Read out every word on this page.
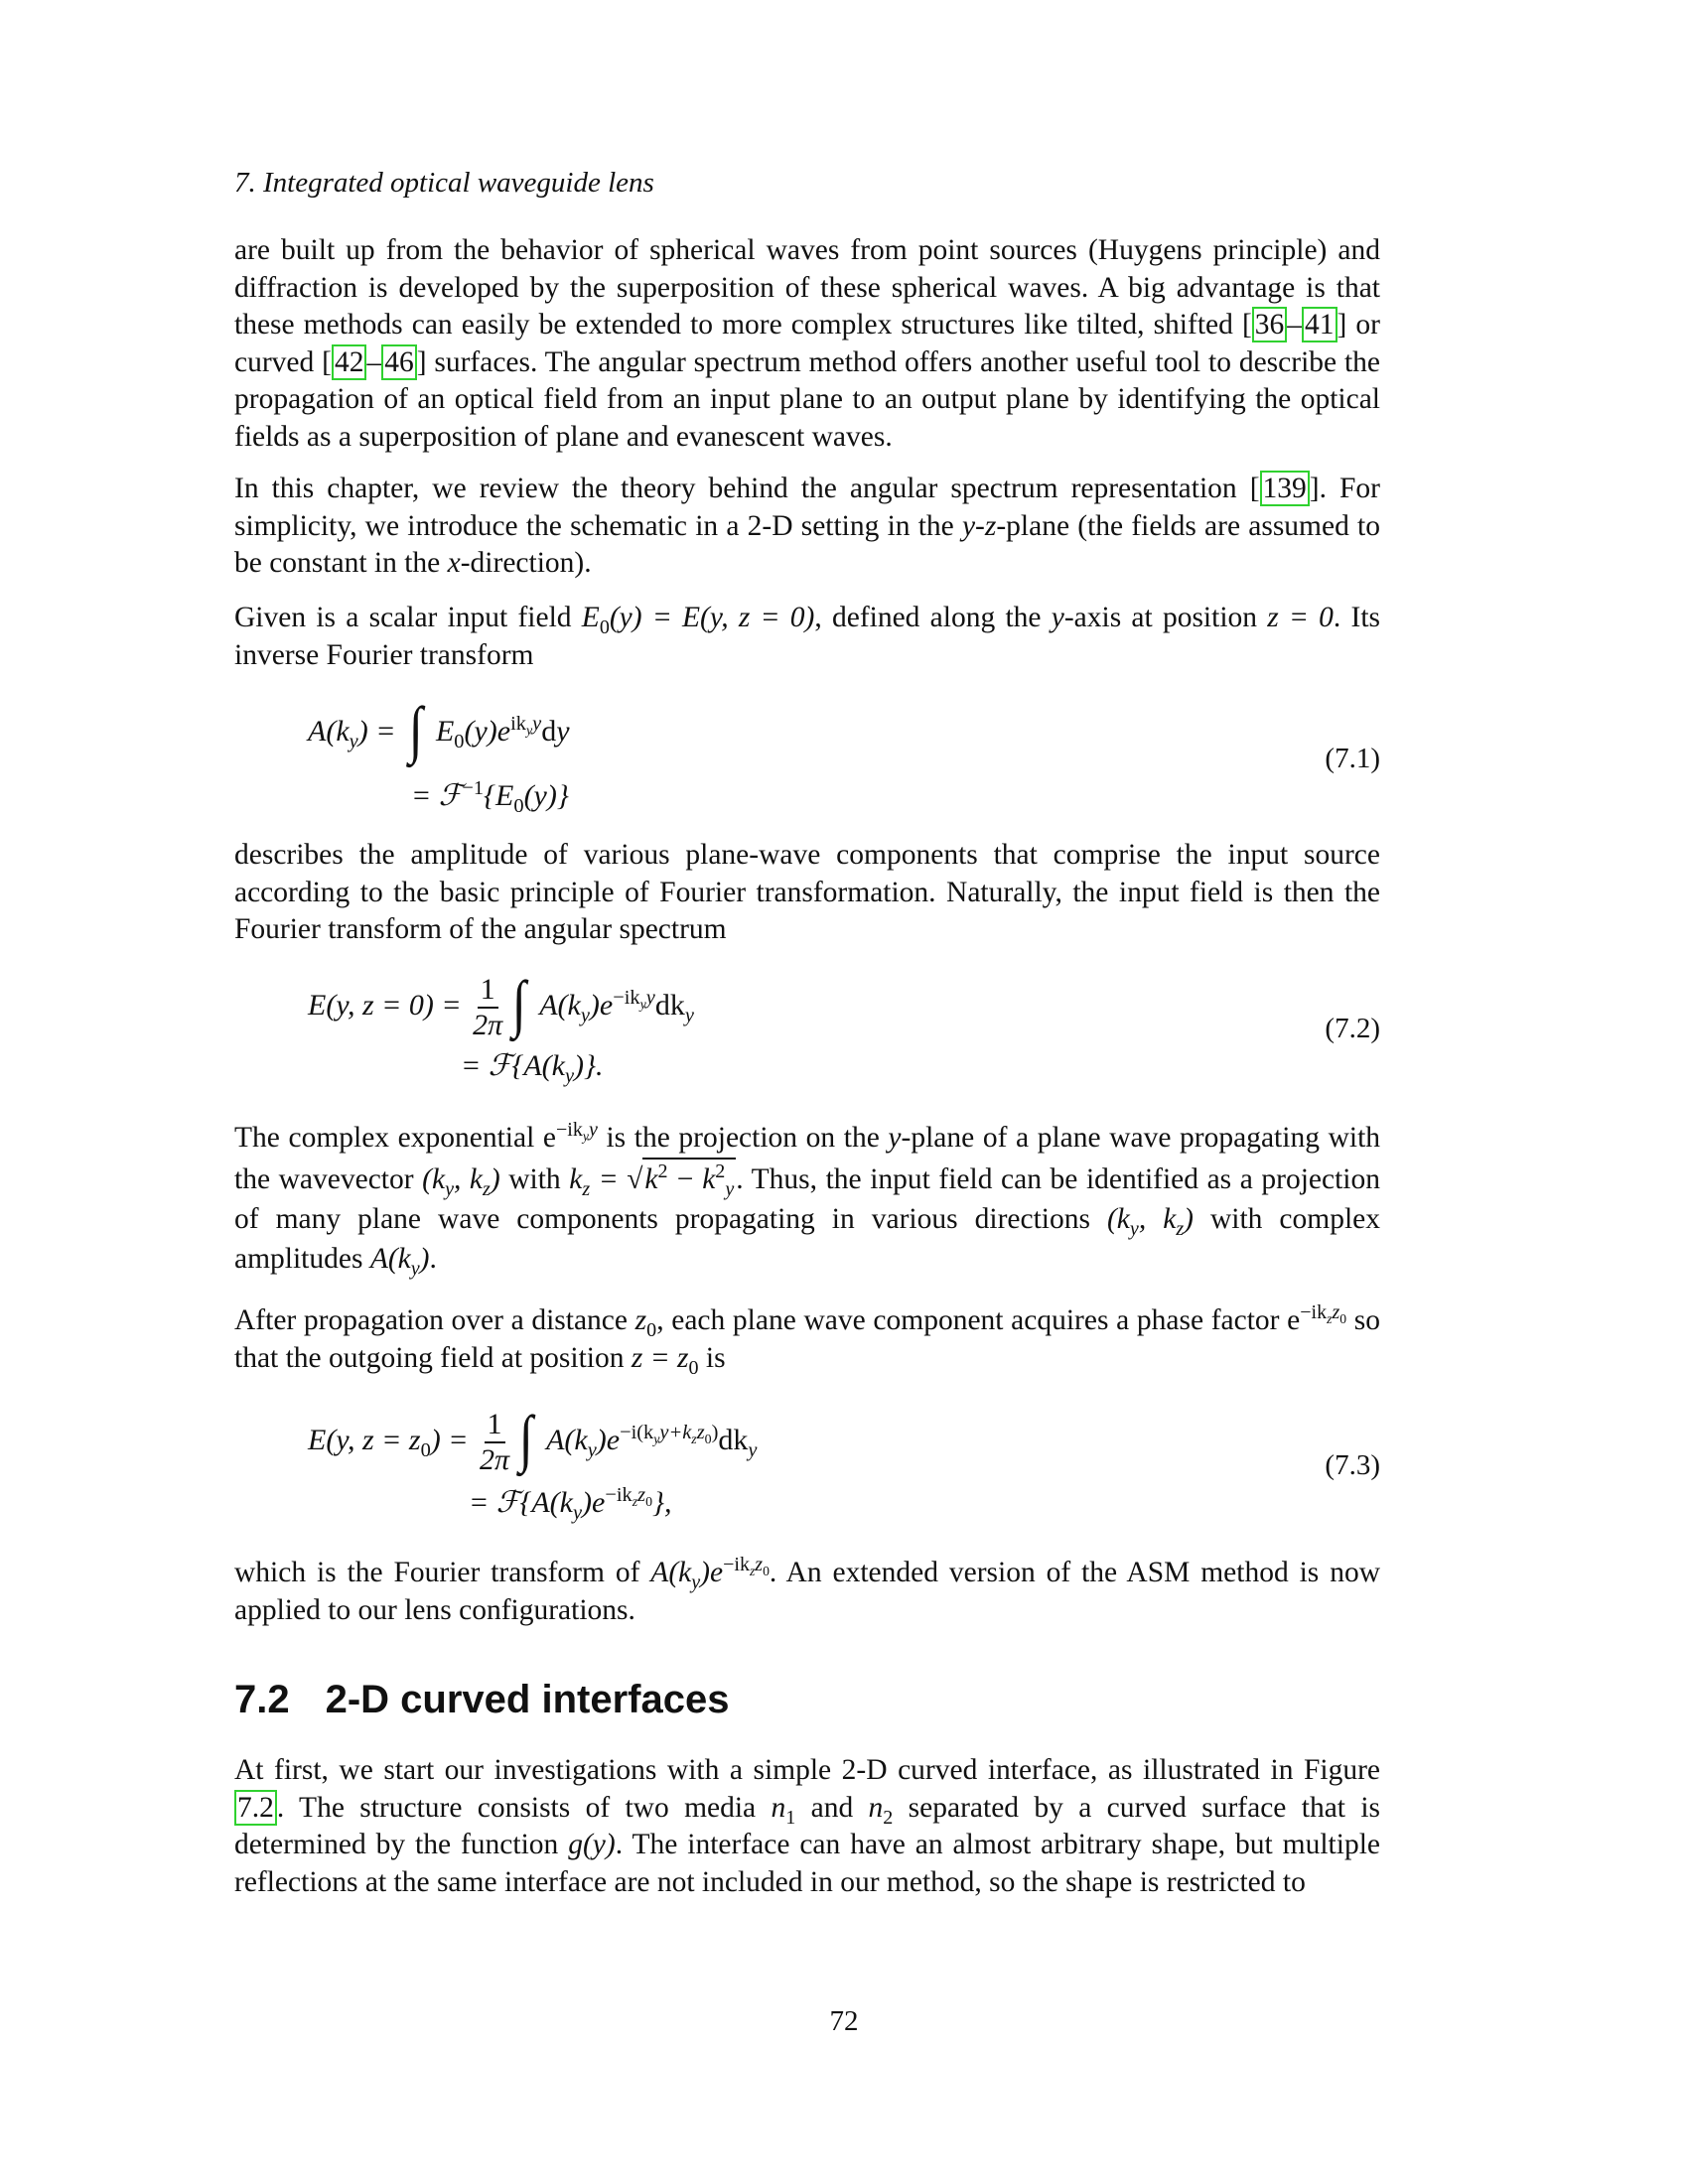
7. Integrated optical waveguide lens

are built up from the behavior of spherical waves from point sources (Huygens principle) and diffraction is developed by the superposition of these spherical waves. A big advantage is that these methods can easily be extended to more complex structures like tilted, shifted [ 36 – 41 ] or curved [ 42 – 46 ] surfaces. The angular spectrum method offers another useful tool to describe the propagation of an optical field from an input plane to an output plane by identifying the optical fields as a superposition of plane and evanescent waves.

In this chapter, we review the theory behind the angular spectrum representation [ 139 ]. For simplicity, we introduce the schematic in a 2-D setting in the y-z-plane (the fields are assumed to be constant in the x-direction).

Given is a scalar input field $E_0(y) = E(y$, z = 0), defined along the y-axis at position z = 0. Its inverse Fourier transform

$A(k_y)$ = ∫ $E_0(y)e^{ik_yy}dy$
= $ℱ^{-1}\{E_0(y)\}$
(7.1)

describes the amplitude of various plane-wave components that comprise the input source according to the basic principle of Fourier transformation. Naturally, the input field is then the Fourier transform of the angular spectrum

E(y, $z = 0) = \frac{1}{2\pi}$ ∫ $A(k_y)e^{-ik_yy}dk_y$
= $ℱ\{A(k_y)\}$.
(7.2)

The complex exponential $e^{-ik_yy}$ is the projection on the y-plane of a plane wave propagating with the wavevector ($k_y$, $k_z$) with $k_z = √k^2 - k^2_y$. Thus, the input field can be identified as a projection of many plane wave components propagating in various directions ($k_y$, $k_z$) with complex amplitudes $A(k_y)$.

After propagation over a distance $z_0$, each plane wave component acquires a phase factor $e^{-ik_zz_0}$ so that the outgoing field at position $z = z_0$ is

E(y, $z = z_0) = \frac{1}{2\pi}$ ∫ $A(k_y)e^{-i(k_yy+k_zz_0)}dk_y$
= $ℱ\{A(k_y)e^{-ik_zz_0}\}$,
(7.3)

which is the Fourier transform of $A(k_y)e^{-ik_zz_0}$. An extended version of the ASM method is now applied to our lens configurations.

7.2 2-D curved interfaces

At first, we start our investigations with a simple 2-D curved interface, as illustrated in Figure 7.2 . The structure consists of two media $n_1$ and $n_2$ separated by a curved surface that is determined by the function g(y). The interface can have an almost arbitrary shape, but multiple reflections at the same interface are not included in our method, so the shape is restricted to

72
